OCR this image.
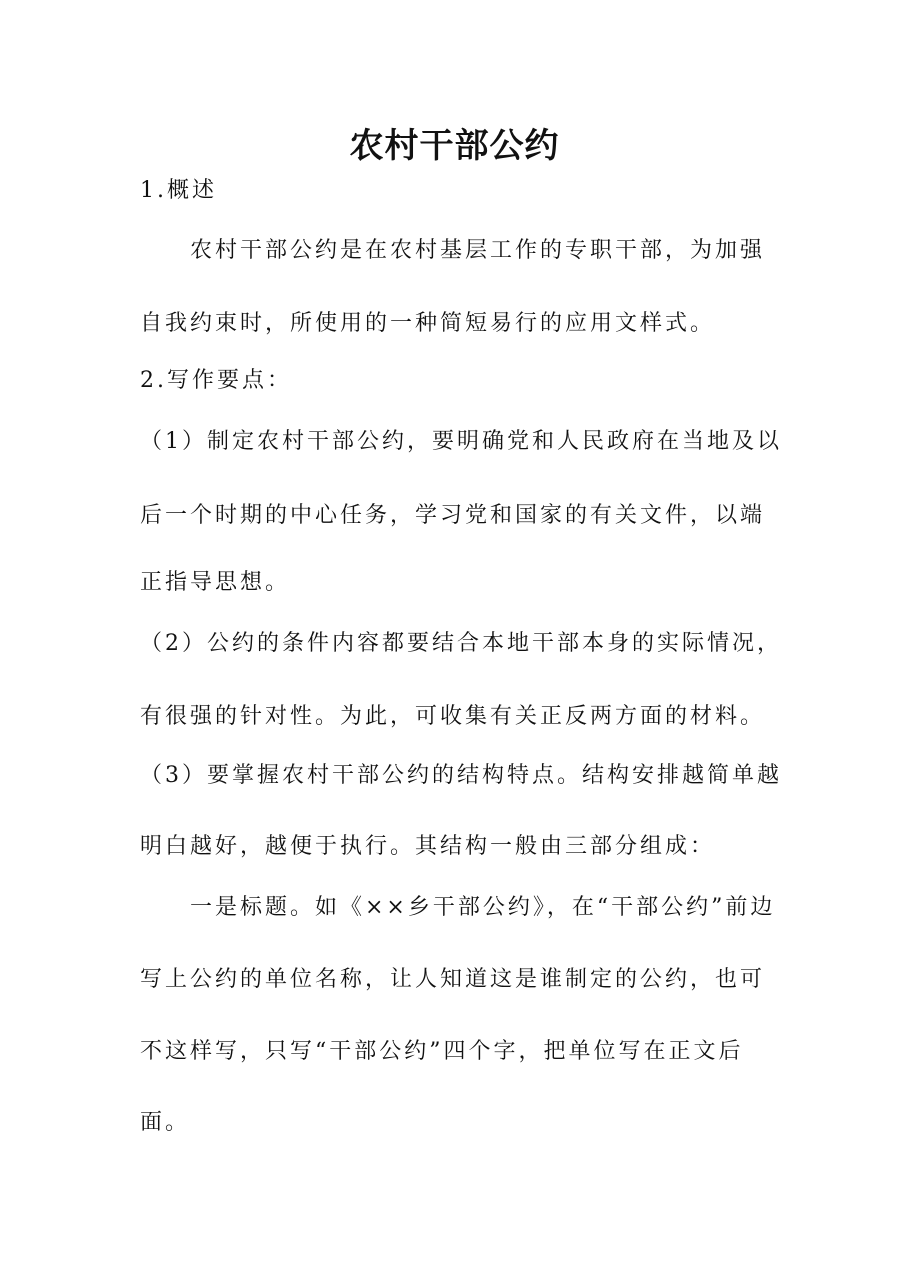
农村干部公约
1.概述
　　农村干部公约是在农村基层工作的专职干部，为加强
自我约束时，所使用的一种简短易行的应用文样式。
2.写作要点：
（1）制定农村干部公约，要明确党和人民政府在当地及以
后一个时期的中心任务，学习党和国家的有关文件，以端
正指导思想。
（2）公约的条件内容都要结合本地干部本身的实际情况，
有很强的针对性。为此，可收集有关正反两方面的材料。
（3）要掌握农村干部公约的结构特点。结构安排越简单越
明白越好，越便于执行。其结构一般由三部分组成：
　　一是标题。如《××乡干部公约》，在“干部公约”前边
写上公约的单位名称，让人知道这是谁制定的公约，也可
不这样写，只写“干部公约”四个字，把单位写在正文后
面。
